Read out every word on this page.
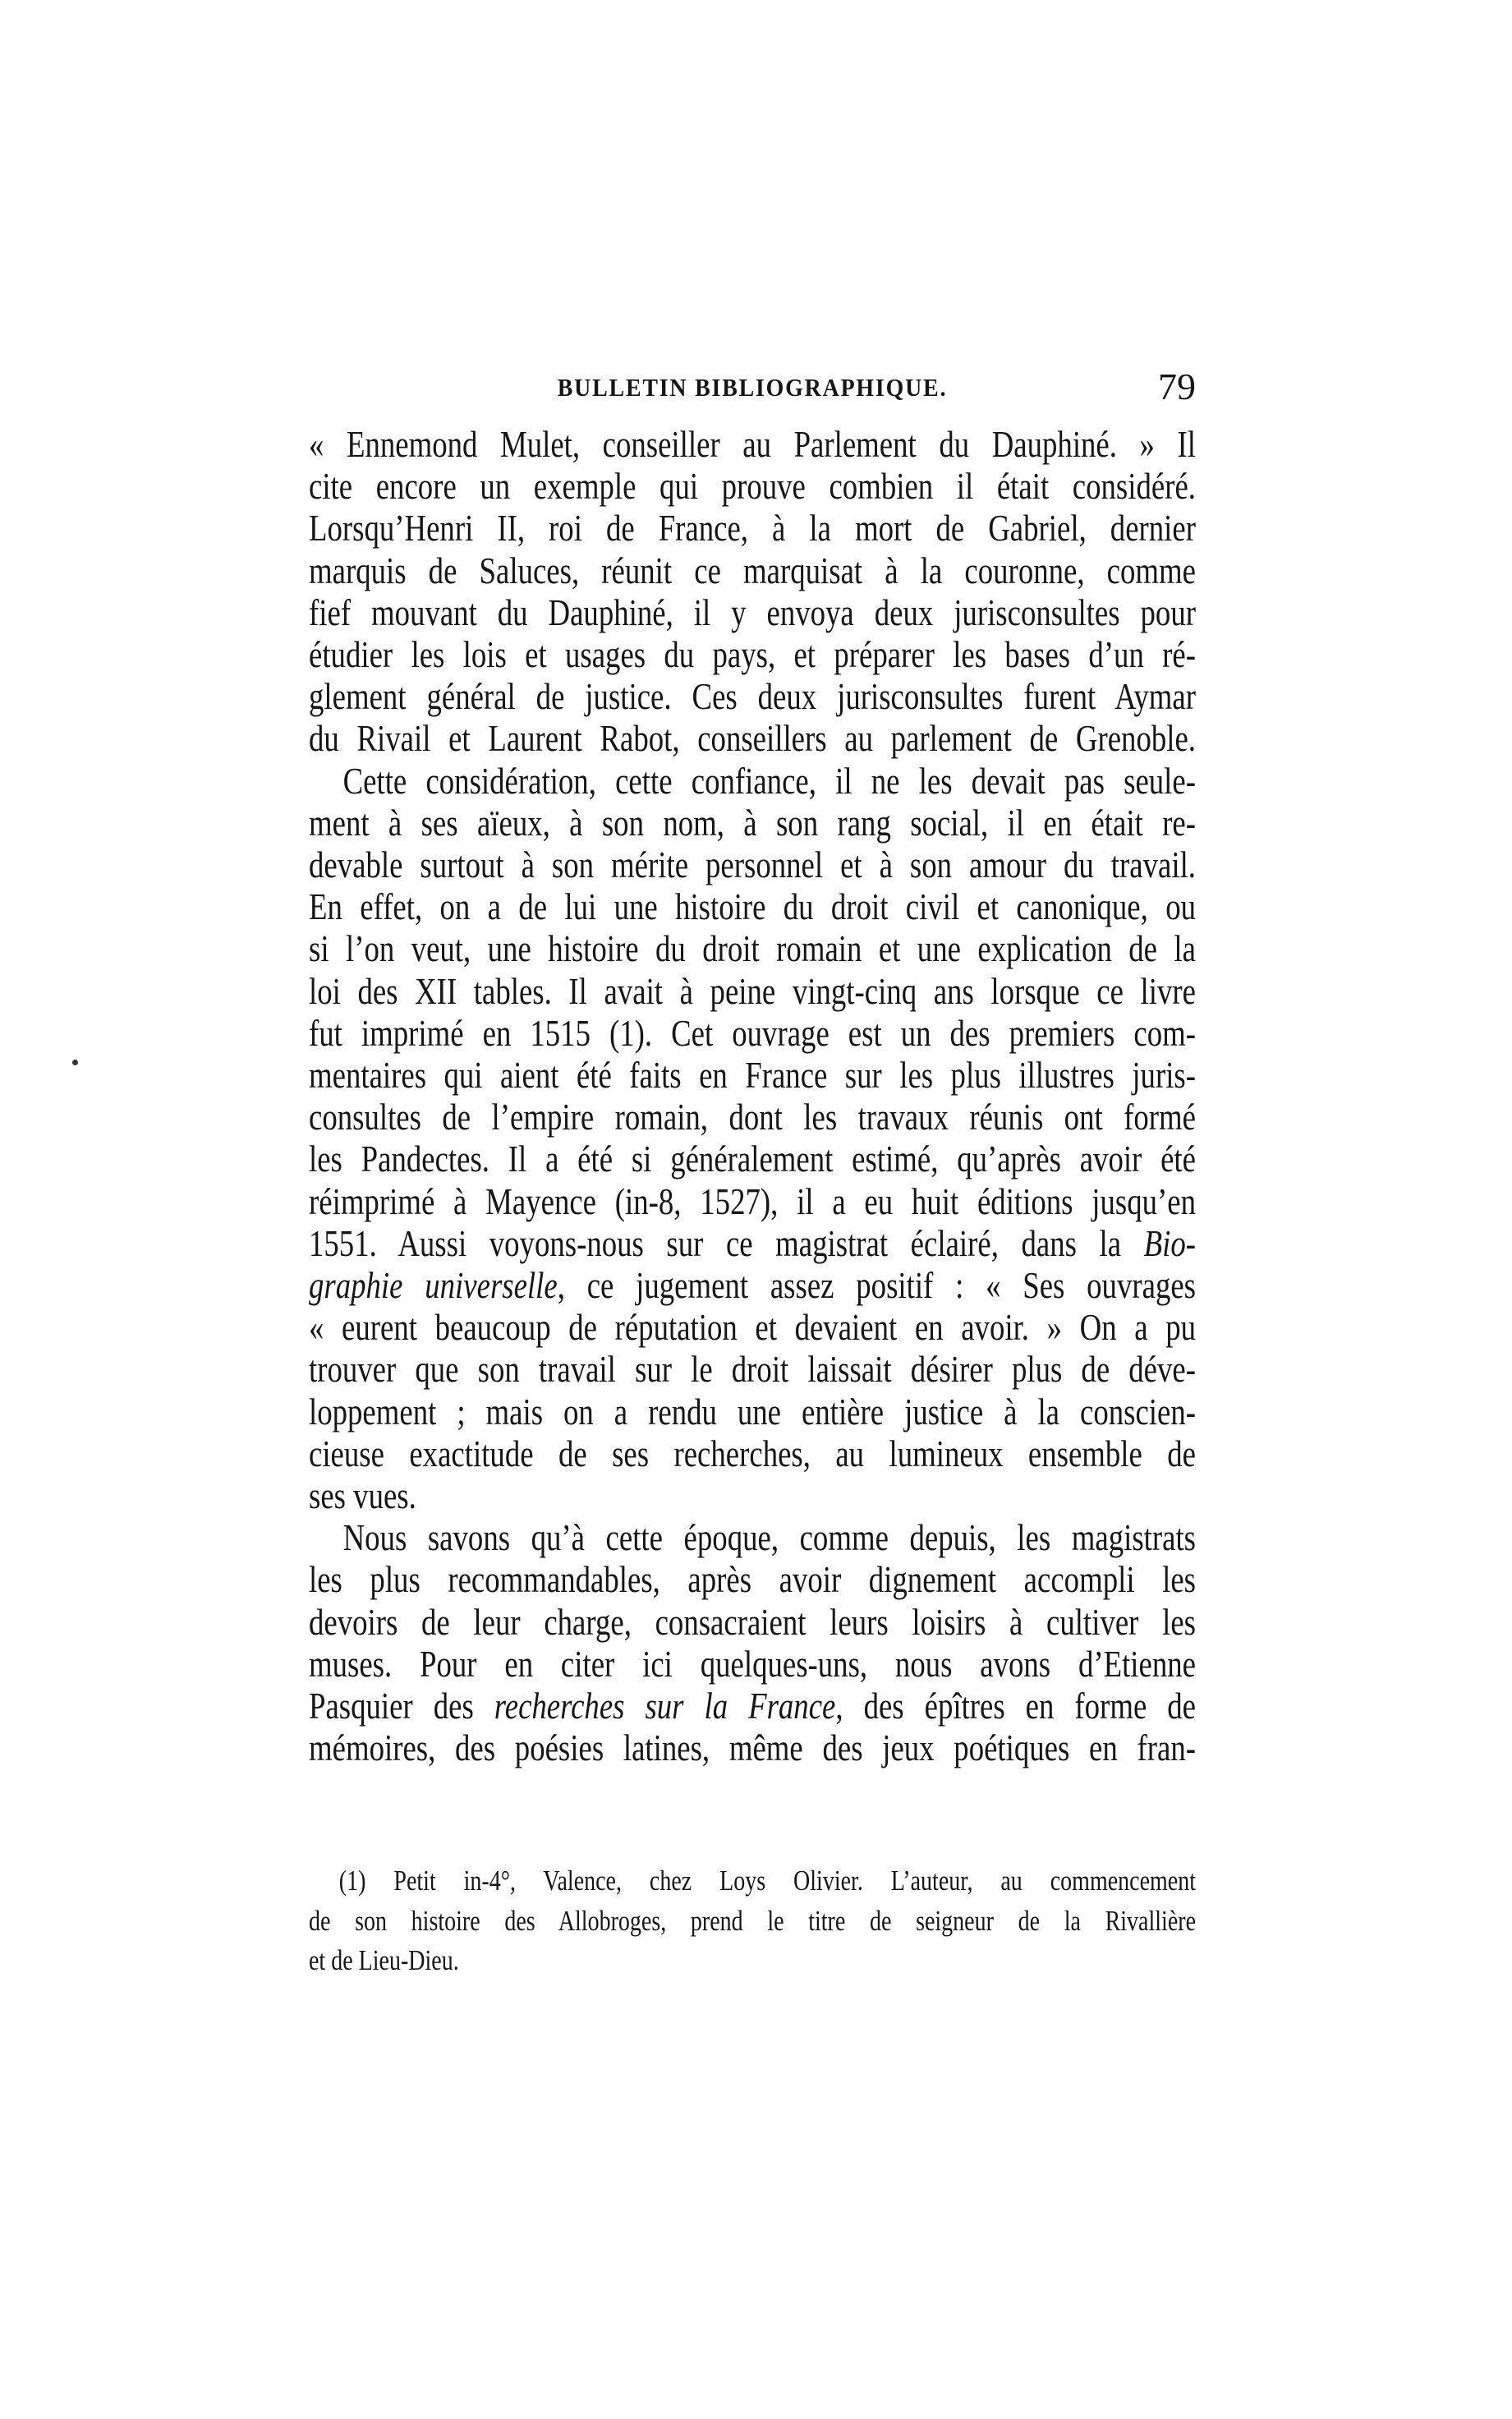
BULLETIN BIBLIOGRAPHIQUE.	79
« Ennemond Mulet, conseiller au Parlement du Dauphiné. » Il
cite encore un exemple qui prouve combien il était considéré.
Lorsqu’Henri II, roi de France, à la mort de Gabriel, dernier
marquis de Saluces, réunit ce marquisat à la couronne, comme
fief mouvant du Dauphiné, il y envoya deux jurisconsultes pour
étudier les lois et usages du pays, et préparer les bases d’un ré-
glement général de justice. Ces deux jurisconsultes furent Aymar
du Rivail et Laurent Rabot, conseillers au parlement de Grenoble.
Cette considération, cette confiance, il ne les devait pas seule-
ment à ses aïeux, à son nom, à son rang social, il en était re-
devable surtout à son mérite personnel et à son amour du travail.
En effet, on a de lui une histoire du droit civil et canonique, ou
si l’on veut, une histoire du droit romain et une explication de la
loi des XII tables. Il avait à peine vingt-cinq ans lorsque ce livre
fut imprimé en 1515 (1). Cet ouvrage est un des premiers com-
mentaires qui aient été faits en France sur les plus illustres juris-
consultes de l’empire romain, dont les travaux réunis ont formé
les Pandectes. Il a été si généralement estimé, qu’après avoir été
réimprimé à Mayence (in-8, 1527), il a eu huit éditions jusqu’en
1551. Aussi voyons-nous sur ce magistrat éclairé, dans la Bio-
graphie universelle, ce jugement assez positif : « Ses ouvrages
« eurent beaucoup de réputation et devaient en avoir. » On a pu
trouver que son travail sur le droit laissait désirer plus de déve-
loppement ; mais on a rendu une entière justice à la conscien-
cieuse exactitude de ses recherches, au lumineux ensemble de
ses vues.
Nous savons qu’à cette époque, comme depuis, les magistrats
les plus recommandables, après avoir dignement accompli les
devoirs de leur charge, consacraient leurs loisirs à cultiver les
muses. Pour en citer ici quelques-uns, nous avons d’Etienne
Pasquier des recherches sur la France, des épîtres en forme de
mémoires, des poésies latines, même des jeux poétiques en fran-
(1) Petit in-4°, Valence, chez Loys Olivier. L’auteur, au commencement
de son histoire des Allobroges, prend le titre de seigneur de la Rivallière
et de Lieu-Dieu.
